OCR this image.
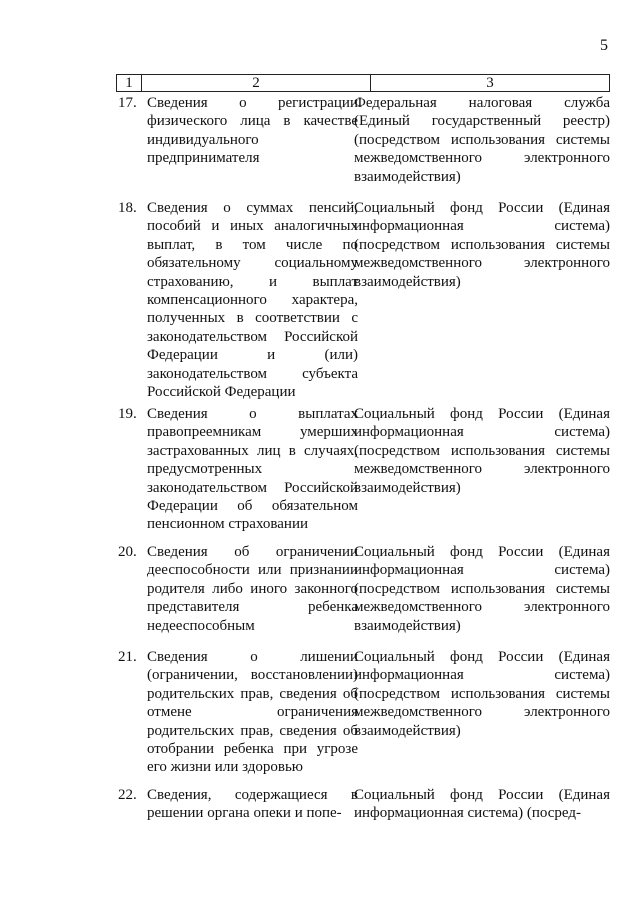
5
1	2	3
17. Сведения о регистрации физического лица в качестве индивидуального предпринимателя
Федеральная налоговая служба (Единый государственный реестр) (посредством использования системы межведомственного электронного взаимодействия)
18. Сведения о суммах пенсий, пособий и иных аналогичных выплат, в том числе по обязательному социальному страхованию, и выплат компенсационного характера, полученных в соответствии с законодательством Российской Федерации и (или) законодательством субъекта Российской Федерации
Социальный фонд России (Единая информационная система) (посредством использования системы межведомственного электронного взаимодействия)
19. Сведения о выплатах правопреемникам умерших застрахованных лиц в случаях, предусмотренных законодательством Российской Федерации об обязательном пенсионном страховании
Социальный фонд России (Единая информационная система) (посредством использования системы межведомственного электронного взаимодействия)
20. Сведения об ограничении дееспособности или признании родителя либо иного законного представителя ребенка недееспособным
Социальный фонд России (Единая информационная система) (посредством использования системы межведомственного электронного взаимодействия)
21. Сведения о лишении (ограничении, восстановлении) родительских прав, сведения об отмене ограничения родительских прав, сведения об отобрании ребенка при угрозе его жизни или здоровью
Социальный фонд России (Единая информационная система) (посредством использования системы межведомственного электронного взаимодействия)
22. Сведения, содержащиеся в решении органа опеки и попе-
Социальный фонд России (Единая информационная система) (посред-
